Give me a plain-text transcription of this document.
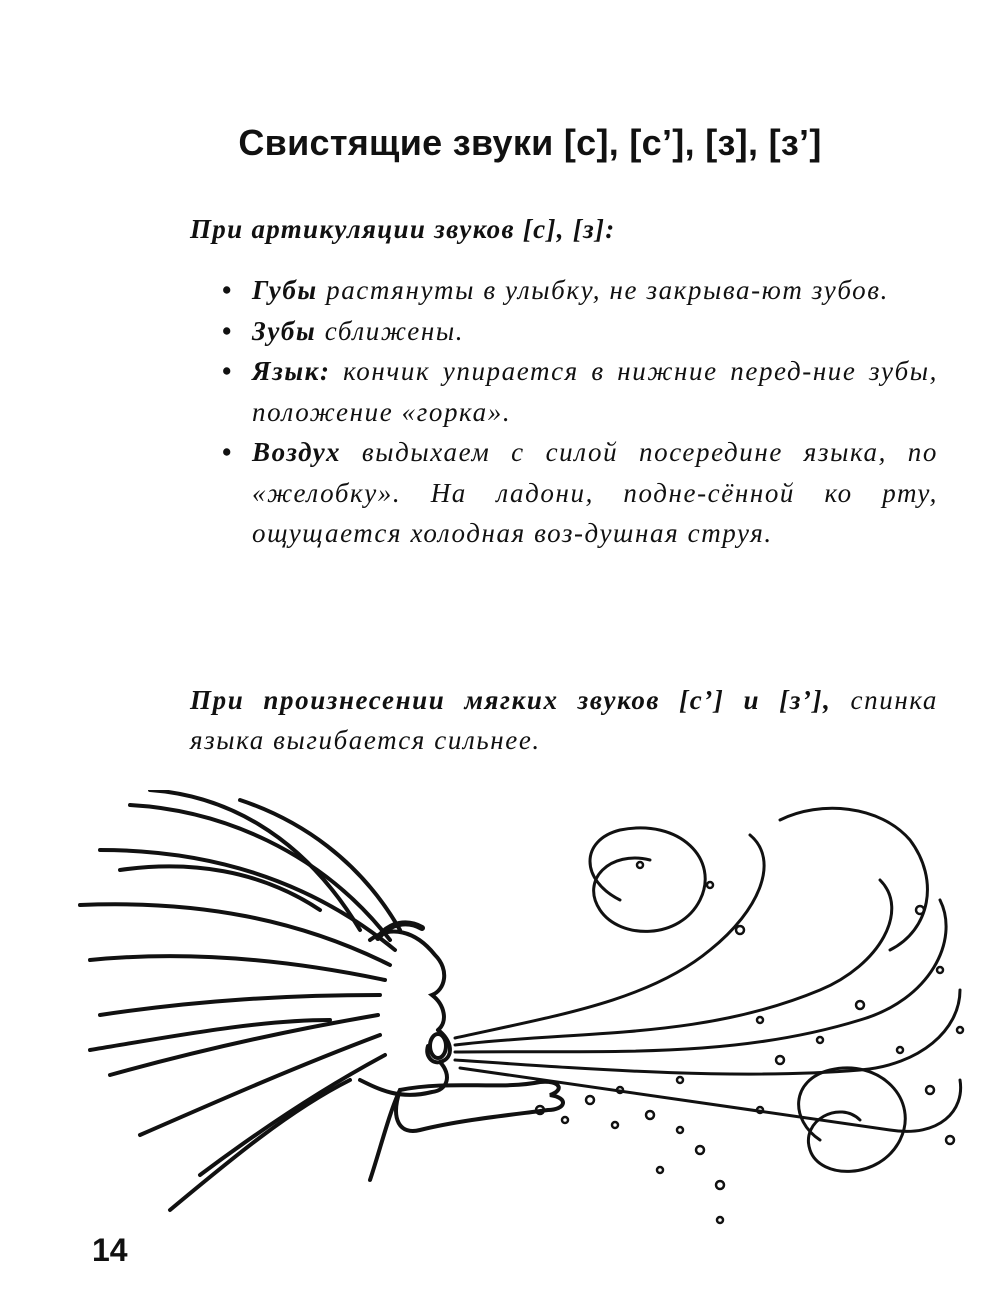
Свистящие звуки [с], [с’], [з], [з’]
При артикуляции звуков [с], [з]:
• Губы растянуты в улыбку, не закрыва-ют зубов.
• Зубы сближены.
• Язык: кончик упирается в нижние перед-ние зубы, положение «горка».
• Воздух выдыхаем с силой посередине языка, по «желобку». На ладони, подне-сённой ко рту, ощущается холодная воз-душная струя.
При произнесении мягких звуков [с’] и [з’], спинка языка выгибается сильнее.
14
